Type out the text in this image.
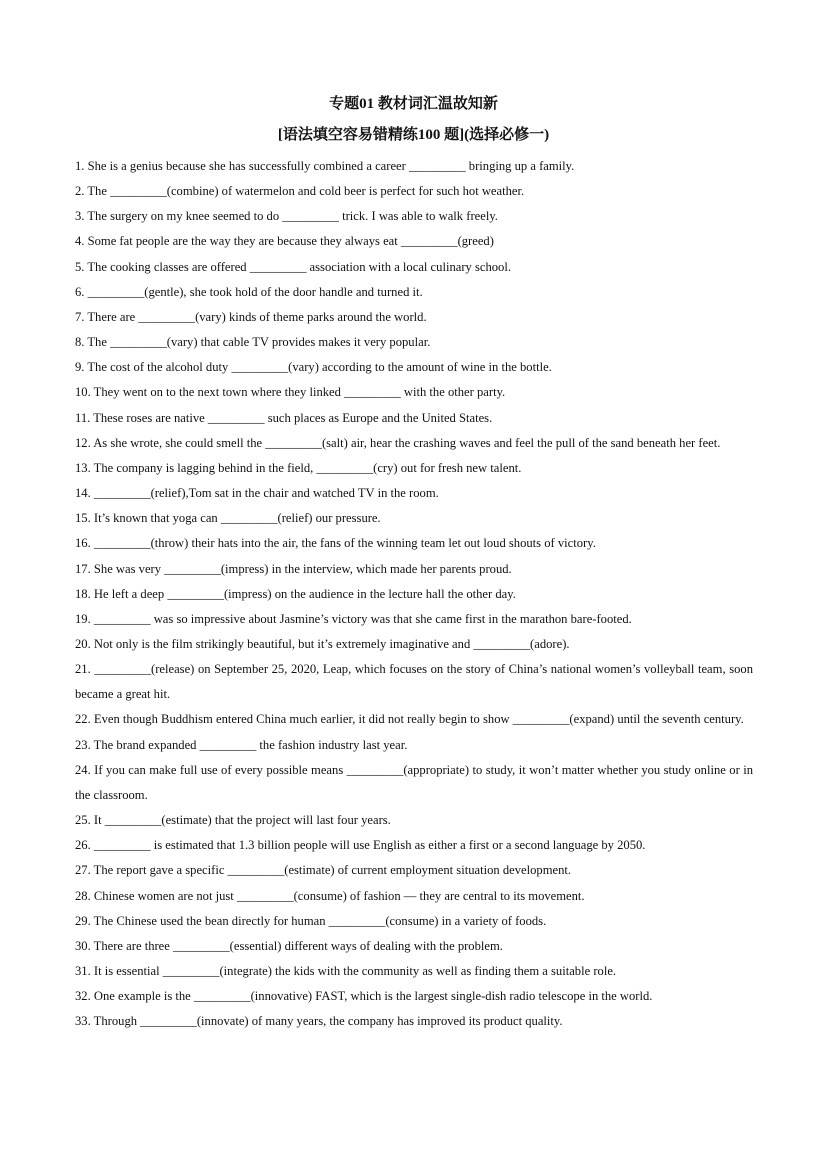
专题01 教材词汇温故知新
[语法填空容易错精练100 题](选择必修一)

1. She is a genius because she has successfully combined a career _________ bringing up a family.

2. The _________(combine) of watermelon and cold beer is perfect for such hot weather.

3. The surgery on my knee seemed to do _________ trick. I was able to walk freely.

4. Some fat people are the way they are because they always eat _________(greed)

5. The cooking classes are offered _________ association with a local culinary school.

6. _________(gentle), she took hold of the door handle and turned it.

7. There are _________(vary) kinds of theme parks around the world.

8. The _________(vary) that cable TV provides makes it very popular.

9. The cost of the alcohol duty _________(vary) according to the amount of wine in the bottle.

10. They went on to the next town where they linked _________ with the other party.

11. These roses are native _________ such places as Europe and the United States.

12. As she wrote, she could smell the _________(salt) air, hear the crashing waves and feel the pull of the sand beneath her feet.

13. The company is lagging behind in the field, _________(cry) out for fresh new talent.

14. _________(relief),Tom sat in the chair and watched TV in the room.

15. It’s known that yoga can _________(relief) our pressure.

16. _________(throw) their hats into the air, the fans of the winning team let out loud shouts of victory.

17. She was very _________(impress) in the interview, which made her parents proud.

18. He left a deep _________(impress) on the audience in the lecture hall the other day.

19. _________ was so impressive about Jasmine’s victory was that she came first in the marathon bare-footed.

20. Not only is the film strikingly beautiful, but it’s extremely imaginative and _________(adore).

21. _________(release) on September 25, 2020, Leap, which focuses on the story of China’s national women’s volleyball team, soon became a great hit.

22. Even though Buddhism entered China much earlier, it did not really begin to show _________(expand) until the seventh century.

23. The brand expanded _________ the fashion industry last year.

24. If you can make full use of every possible means _________(appropriate) to study, it won’t matter whether you study online or in the classroom.

25. It _________(estimate) that the project will last four years.

26. _________ is estimated that 1.3 billion people will use English as either a first or a second language by 2050.

27. The report gave a specific _________(estimate) of current employment situation development.

28. Chinese women are not just _________(consume) of fashion — they are central to its movement.

29. The Chinese used the bean directly for human _________(consume) in a variety of foods.

30. There are three _________(essential) different ways of dealing with the problem.

31. It is essential _________(integrate) the kids with the community as well as finding them a suitable role.

32. One example is the _________(innovative) FAST, which is the largest single-dish radio telescope in the world.

33. Through _________(innovate) of many years, the company has improved its product quality.
